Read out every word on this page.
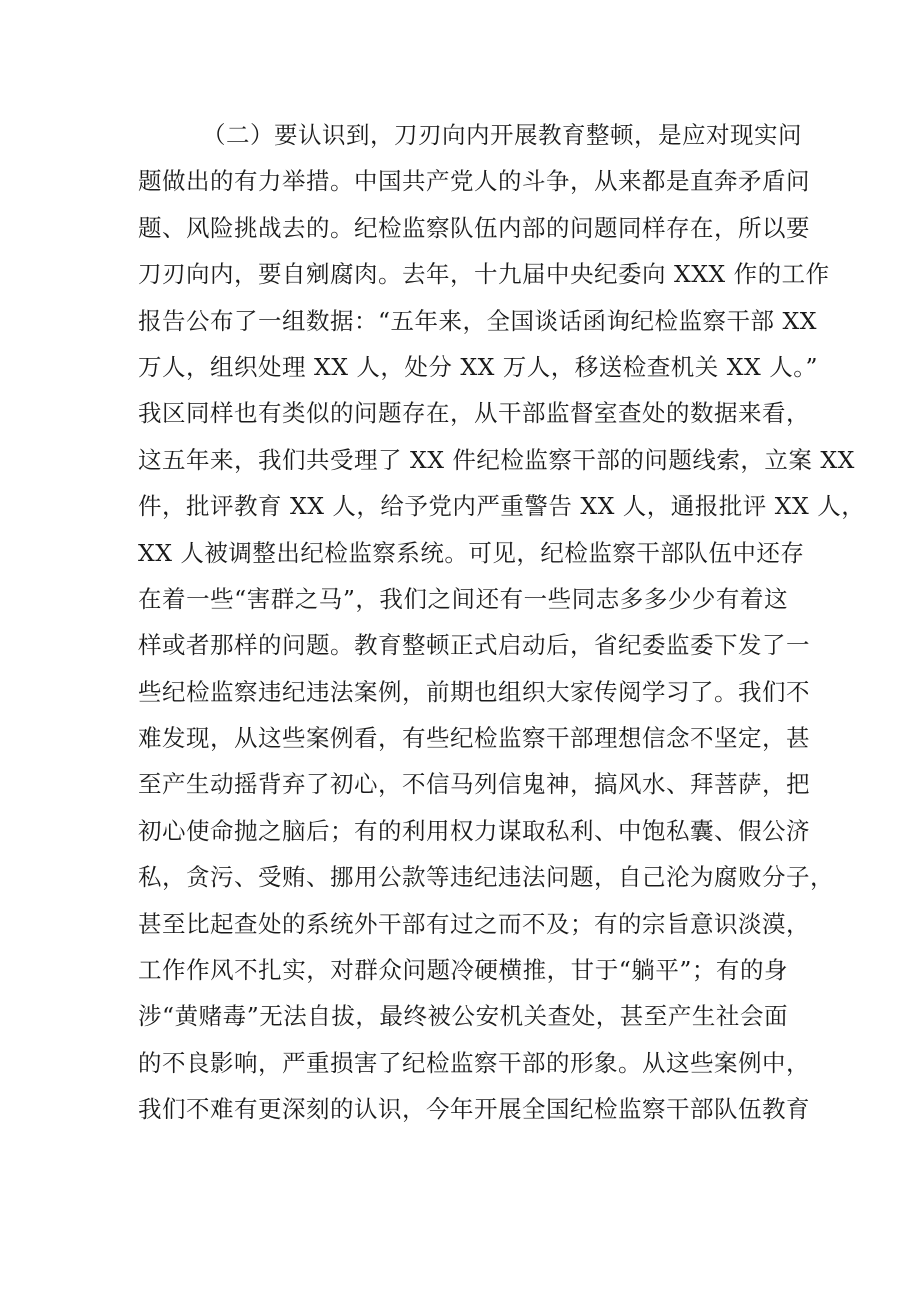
（二）要认识到，刀刃向内开展教育整顿，是应对现实问
题做出的有力举措。中国共产党人的斗争，从来都是直奔矛盾问
题、风险挑战去的。纪检监察队伍内部的问题同样存在，所以要
刀刃向内，要自剜腐肉。去年，十九届中央纪委向 XXX 作的工作
报告公布了一组数据：“五年来，全国谈话函询纪检监察干部 XX
万人，组织处理 XX 人，处分 XX 万人，移送检查机关 XX 人。”
我区同样也有类似的问题存在，从干部监督室查处的数据来看，
这五年来，我们共受理了 XX 件纪检监察干部的问题线索，立案 XX
件，批评教育 XX 人，给予党内严重警告 XX 人，通报批评 XX 人，
XX 人被调整出纪检监察系统。可见，纪检监察干部队伍中还存
在着一些“害群之马”，我们之间还有一些同志多多少少有着这
样或者那样的问题。教育整顿正式启动后，省纪委监委下发了一
些纪检监察违纪违法案例，前期也组织大家传阅学习了。我们不
难发现，从这些案例看，有些纪检监察干部理想信念不坚定，甚
至产生动摇背弃了初心，不信马列信鬼神，搞风水、拜菩萨，把
初心使命抛之脑后；有的利用权力谋取私利、中饱私囊、假公济
私，贪污、受贿、挪用公款等违纪违法问题，自己沦为腐败分子，
甚至比起查处的系统外干部有过之而不及；有的宗旨意识淡漠，
工作作风不扎实，对群众问题冷硬横推，甘于“躺平”；有的身
涉“黄赌毒”无法自拔，最终被公安机关查处，甚至产生社会面
的不良影响，严重损害了纪检监察干部的形象。从这些案例中，
我们不难有更深刻的认识，今年开展全国纪检监察干部队伍教育
